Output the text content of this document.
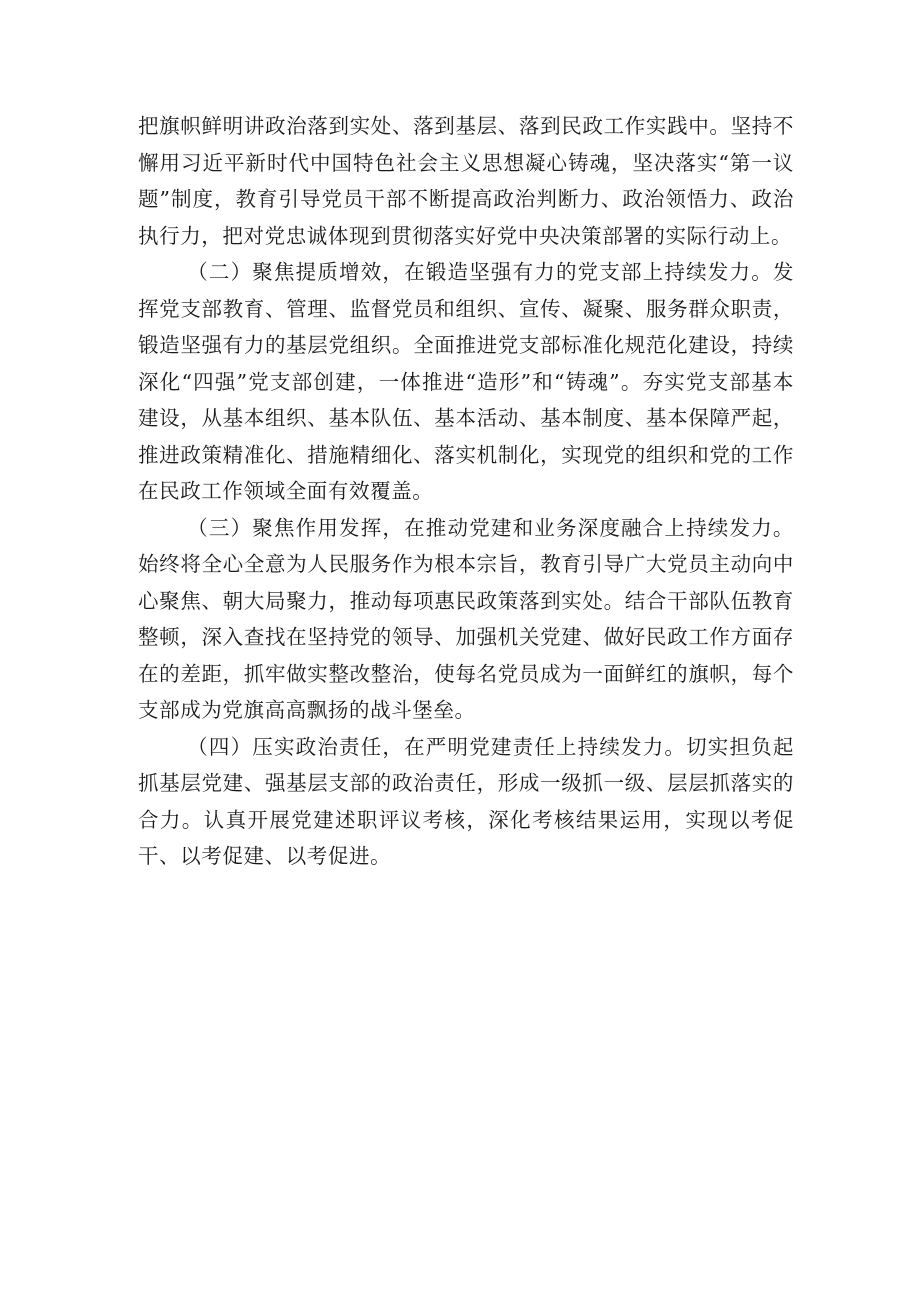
把旗帜鲜明讲政治落到实处、落到基层、落到民政工作实践中。坚持不懈用习近平新时代中国特色社会主义思想凝心铸魂，坚决落实“第一议题”制度，教育引导党员干部不断提高政治判断力、政治领悟力、政治执行力，把对党忠诚体现到贯彻落实好党中央决策部署的实际行动上。

（二）聚焦提质增效，在锻造坚强有力的党支部上持续发力。发挥党支部教育、管理、监督党员和组织、宣传、凝聚、服务群众职责，锻造坚强有力的基层党组织。全面推进党支部标准化规范化建设，持续深化“四强”党支部创建，一体推进“造形”和“铸魂”。夯实党支部基本建设，从基本组织、基本队伍、基本活动、基本制度、基本保障严起，推进政策精准化、措施精细化、落实机制化，实现党的组织和党的工作在民政工作领域全面有效覆盖。

（三）聚焦作用发挥，在推动党建和业务深度融合上持续发力。始终将全心全意为人民服务作为根本宗旨，教育引导广大党员主动向中心聚焦、朝大局聚力，推动每项惠民政策落到实处。结合干部队伍教育整顿，深入查找在坚持党的领导、加强机关党建、做好民政工作方面存在的差距，抓牢做实整改整治，使每名党员成为一面鲜红的旗帜，每个支部成为党旗高高飘扬的战斗堡垒。

（四）压实政治责任，在严明党建责任上持续发力。切实担负起抓基层党建、强基层支部的政治责任，形成一级抓一级、层层抓落实的合力。认真开展党建述职评议考核，深化考核结果运用，实现以考促干、以考促建、以考促进。
